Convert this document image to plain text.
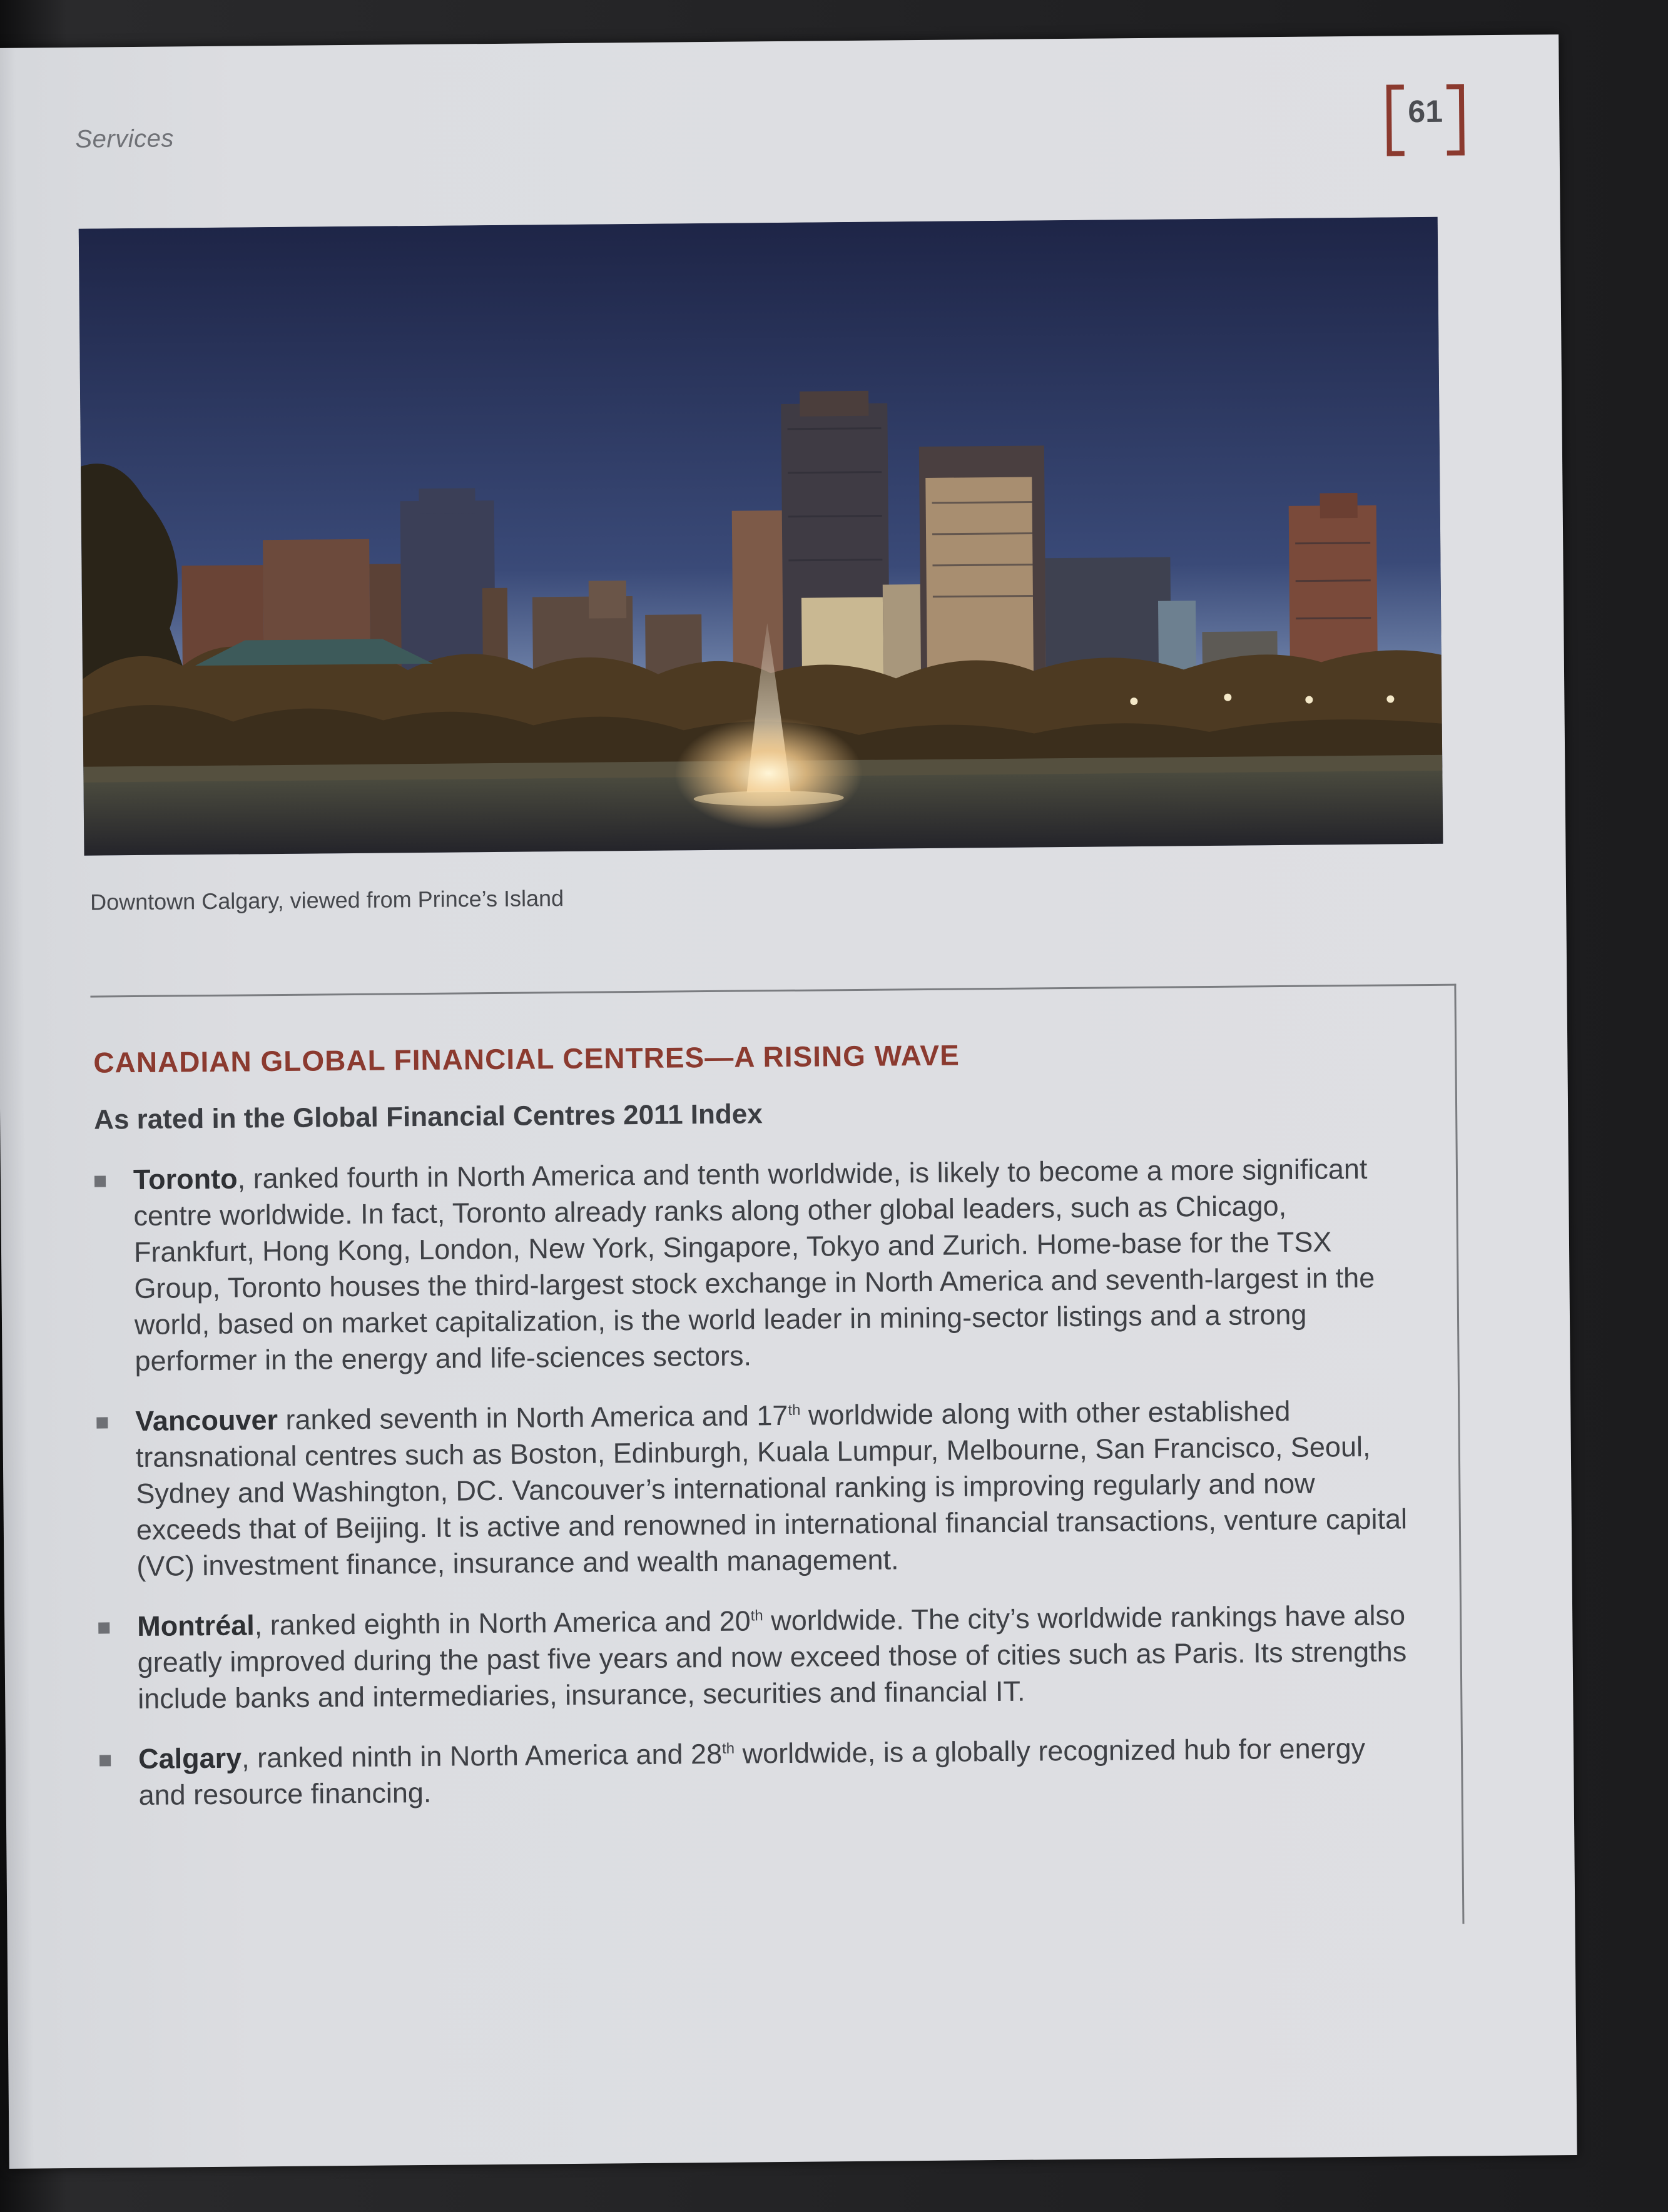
Services
61
Downtown Calgary, viewed from Prince’s Island
CANADIAN GLOBAL FINANCIAL CENTRES—A RISING WAVE
As rated in the Global Financial Centres 2011 Index
Toronto, ranked fourth in North America and tenth worldwide, is likely to become a more significant centre worldwide. In fact, Toronto already ranks along other global leaders, such as Chicago, Frankfurt, Hong Kong, London, New York, Singapore, Tokyo and Zurich. Home-base for the TSX Group, Toronto houses the third-largest stock exchange in North America and seventh-largest in the world, based on market capitalization, is the world leader in mining-sector listings and a strong performer in the energy and life-sciences sectors.
Vancouver ranked seventh in North America and 17th worldwide along with other established transnational centres such as Boston, Edinburgh, Kuala Lumpur, Melbourne, San Francisco, Seoul, Sydney and Washington, DC. Vancouver’s international ranking is improving regularly and now exceeds that of Beijing. It is active and renowned in international financial transactions, venture capital (VC) investment finance, insurance and wealth management.
Montréal, ranked eighth in North America and 20th worldwide. The city’s worldwide rankings have also greatly improved during the past five years and now exceed those of cities such as Paris. Its strengths include banks and intermediaries, insurance, securities and financial IT.
Calgary, ranked ninth in North America and 28th worldwide, is a globally recognized hub for energy and resource financing.
